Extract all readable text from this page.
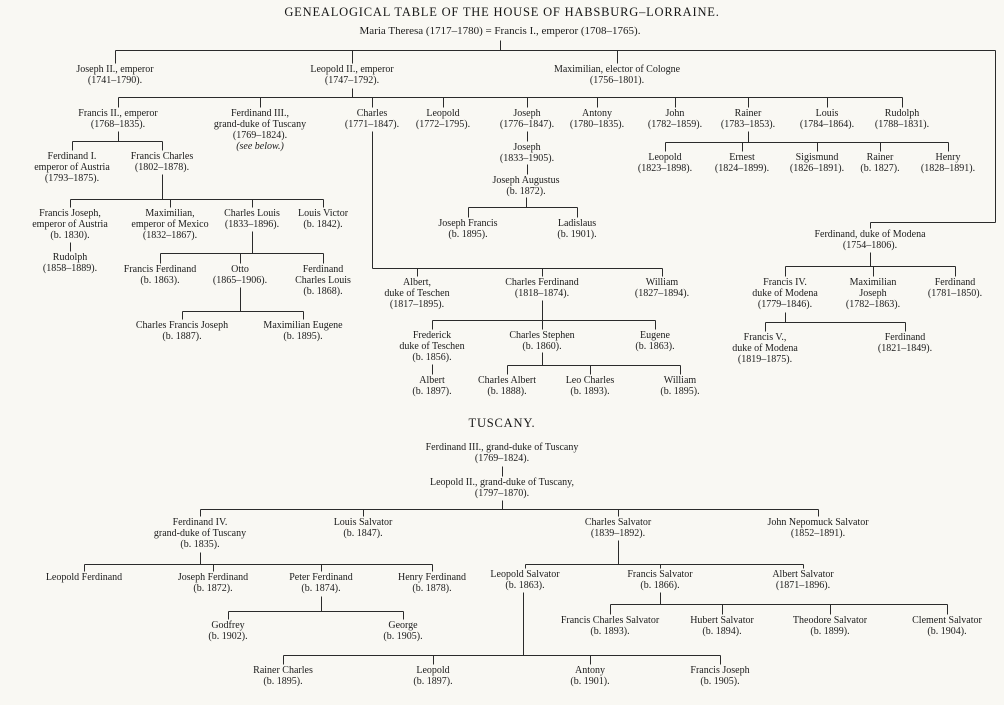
GENEALOGICAL TABLE OF THE HOUSE OF HABSBURG–LORRAINE.
Maria Theresa (1717–1780) = Francis I., emperor (1708–1765).
TUSCANY.
Joseph II., emperor
(1741–1790).
Leopold II., emperor
(1747–1792).
Maximilian, elector of Cologne
(1756–1801).
Francis II., emperor
(1768–1835).
Ferdinand III.,
grand-duke of Tuscany
(1769–1824).
(see below.)
Charles
(1771–1847).
Leopold
(1772–1795).
Joseph
(1776–1847).
Antony
(1780–1835).
John
(1782–1859).
Rainer
(1783–1853).
Louis
(1784–1864).
Rudolph
(1788–1831).
Ferdinand I.
emperor of Austria
(1793–1875).
Francis Charles
(1802–1878).
Joseph
(1833–1905).	Leopold
(1823–1898).
Ernest
(1824–1899).
Sigismund
(1826–1891).
Rainer
(b. 1827).
Henry
(1828–1891).
Joseph Augustus
(b. 1872).
Francis Joseph,
emperor of Austria
(b. 1830).
Maximilian,
emperor of Mexico
(1832–1867).
Charles Louis
(1833–1896).
Louis Victor
(b. 1842).	Joseph Francis
(b. 1895).
Ladislaus
(b. 1901).	Ferdinand, duke of Modena
(1754–1806).
Rudolph
(1858–1889).	Francis Ferdinand
(b. 1863).
Otto
(1865–1906).
Ferdinand
Charles Louis
(b. 1868).
Albert,
duke of Teschen
(1817–1895).
Charles Ferdinand
(1818–1874).
William
(1827–1894).
Francis IV.
duke of Modena
(1779–1846).
Maximilian
Joseph
(1782–1863).
Ferdinand
(1781–1850).
Charles Francis Joseph
(b. 1887).
Maximilian Eugene
(b. 1895).	Frederick
duke of Teschen
(b. 1856).
Charles Stephen
(b. 1860).
Eugene
(b. 1863).
Francis V.,
duke of Modena
(1819–1875).
Ferdinand
(1821–1849).
Albert
(b. 1897).
Charles Albert
(b. 1888).
Leo Charles
(b. 1893).
William
(b. 1895).
Ferdinand III., grand-duke of Tuscany
(1769–1824).
Leopold II., grand-duke of Tuscany,
(1797–1870).
Ferdinand IV.
grand-duke of Tuscany
(b. 1835).
Louis Salvator
(b. 1847).
Charles Salvator
(1839–1892).
John Nepomuck Salvator
(1852–1891).
Leopold Ferdinand	Joseph Ferdinand
(b. 1872).
Peter Ferdinand
(b. 1874).
Henry Ferdinand
(b. 1878).
Leopold Salvator
(b. 1863).
Francis Salvator
(b. 1866).
Albert Salvator
(1871–1896).
Godfrey
(b. 1902).
George
(b. 1905).
Francis Charles Salvator
(b. 1893).
Hubert Salvator
(b. 1894).
Theodore Salvator
(b. 1899).
Clement Salvator
(b. 1904).
Rainer Charles
(b. 1895).
Leopold
(b. 1897).
Antony
(b. 1901).
Francis Joseph
(b. 1905).
